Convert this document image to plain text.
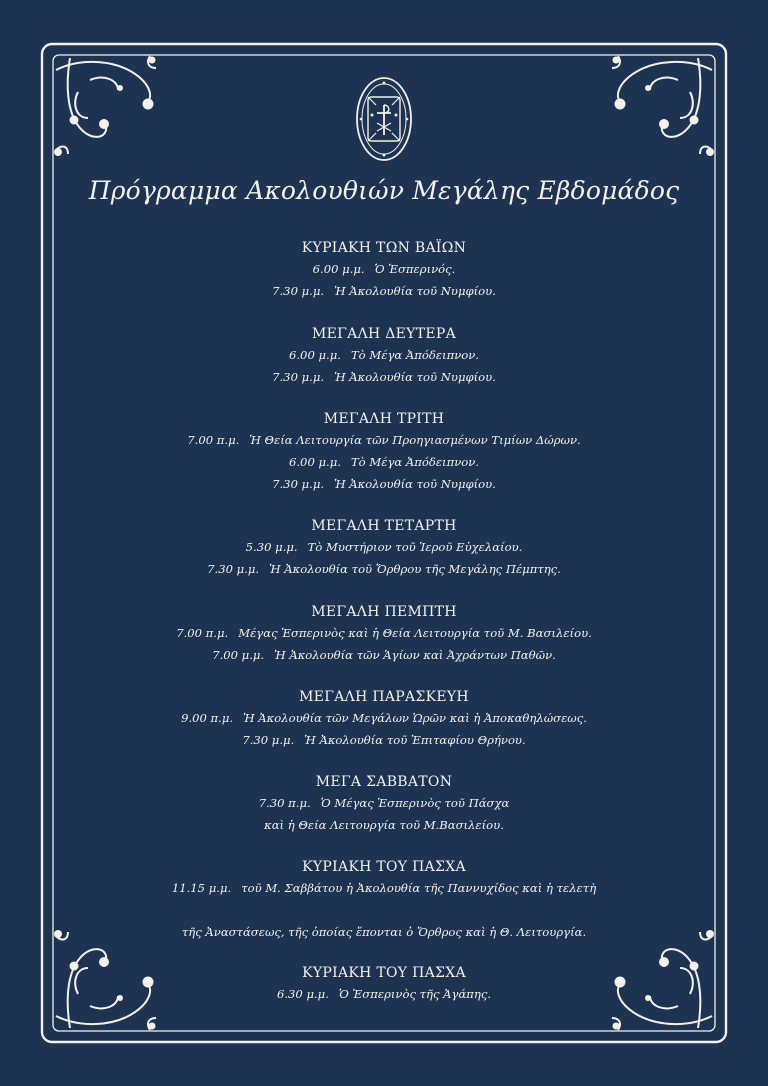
Πρόγραμμα Ακολουθιών Μεγάλης Εβδομάδος
ΚΥΡΙΑΚΗ ΤΩΝ ΒΑΪΩΝ
6.00 μ.μ. Ὁ Ἑσπερινός.
7.30 μ.μ. Ἡ Ἀκολουθία τοῦ Νυμφίου.
ΜΕΓΑΛΗ ΔΕΥΤΕΡΑ
6.00 μ.μ. Τὸ Μέγα Ἀπόδειπνον.
7.30 μ.μ. Ἡ Ἀκολουθία τοῦ Νυμφίου.
ΜΕΓΑΛΗ ΤΡΙΤΗ
7.00 π.μ. Ἡ Θεία Λειτουργία τῶν Προηγιασμένων Τιμίων Δώρων.
6.00 μ.μ. Τὸ Μέγα Ἀπόδειπνον.
7.30 μ.μ. Ἡ Ἀκολουθία τοῦ Νυμφίου.
ΜΕΓΑΛΗ ΤΕΤΑΡΤΗ
5.30 μ.μ. Τὸ Μυστήριον τοῦ Ἱεροῦ Εὐχελαίου.
7.30 μ.μ. Ἡ Ἀκολουθία τοῦ Ὄρθρου τῆς Μεγάλης Πέμπτης.
ΜΕΓΑΛΗ ΠΕΜΠΤΗ
7.00 π.μ. Μέγας Ἑσπερινὸς καὶ ἡ Θεία Λειτουργία τοῦ Μ. Βασιλείου.
7.00 μ.μ. Ἡ Ἀκολουθία τῶν Ἁγίων καὶ Ἀχράντων Παθῶν.
ΜΕΓΑΛΗ ΠΑΡΑΣΚΕΥΗ
9.00 π.μ. Ἡ Ἀκολουθία τῶν Μεγάλων Ὡρῶν καὶ ἡ Ἀποκαθηλώσεως.
7.30 μ.μ. Ἡ Ἀκολουθία τοῦ Ἐπιταφίου Θρήνου.
ΜΕΓΑ ΣΑΒΒΑΤΟΝ
7.30 π.μ. Ὁ Μέγας Ἑσπερινὸς τοῦ Πάσχα
καὶ ἡ Θεία Λειτουργία τοῦ Μ.Βασιλείου.
ΚΥΡΙΑΚΗ ΤΟΥ ΠΑΣΧΑ
11.15 μ.μ. τοῦ Μ. Σαββάτου ἡ Ἀκολουθία τῆς Παννυχίδος καὶ ἡ τελετὴ
τῆς Ἀναστάσεως, τῆς ὁποίας ἕπονται ὁ Ὄρθρος καὶ ἡ Θ. Λειτουργία.
ΚΥΡΙΑΚΗ ΤΟΥ ΠΑΣΧΑ
6.30 μ.μ. Ὁ Ἑσπερινὸς τῆς Ἀγάπης.
